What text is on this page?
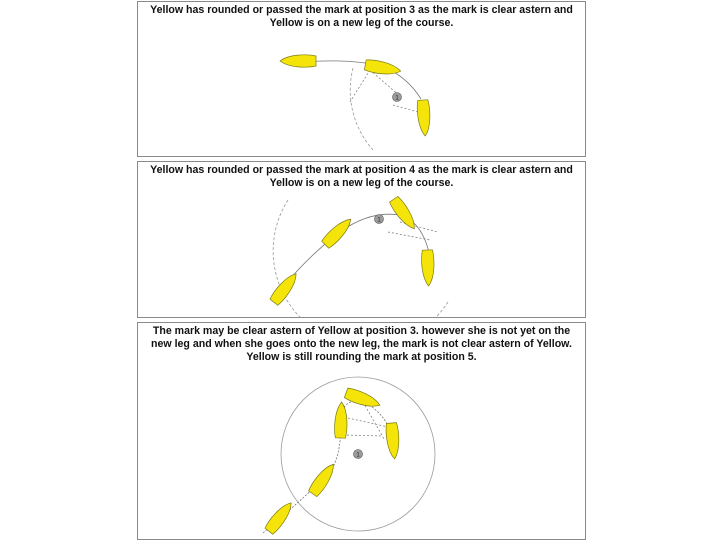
Yellow has rounded or passed the mark at position 3 as the mark is clear astern and Yellow is on a new leg of the course.

1

Yellow has rounded or passed the mark at position 4 as the mark is clear astern and Yellow is on a new leg of the course.

1

The mark may be clear astern of Yellow at position 3. however she is not yet on the new leg and when she goes onto the new leg, the mark is not clear astern of Yellow. Yellow is still rounding the mark at position 5.

1
